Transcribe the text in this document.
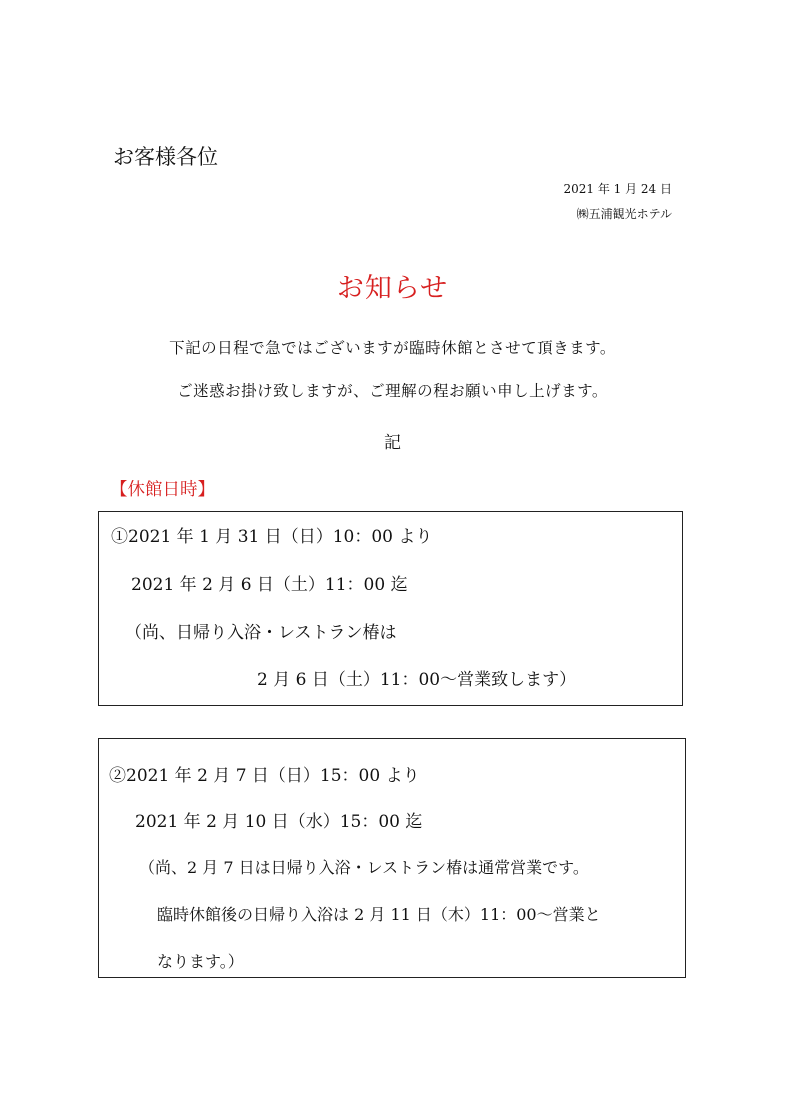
お客様各位
2021 年 1 月 24 日
㈱五浦観光ホテル
お知らせ
下記の日程で急ではございますが臨時休館とさせて頂きます。
ご迷惑お掛け致しますが、ご理解の程お願い申し上げます。
記
【休館日時】
①2021 年 1 月 31 日（日）10：00 より
2021 年 2 月 6 日（土）11：00 迄
（尚、日帰り入浴・レストラン椿は
2 月 6 日（土）11：00～営業致します）
②2021 年 2 月 7 日（日）15：00 より
2021 年 2 月 10 日（水）15：00 迄
（尚、2 月 7 日は日帰り入浴・レストラン椿は通常営業です。
臨時休館後の日帰り入浴は 2 月 11 日（木）11：00～営業と
なります。）
